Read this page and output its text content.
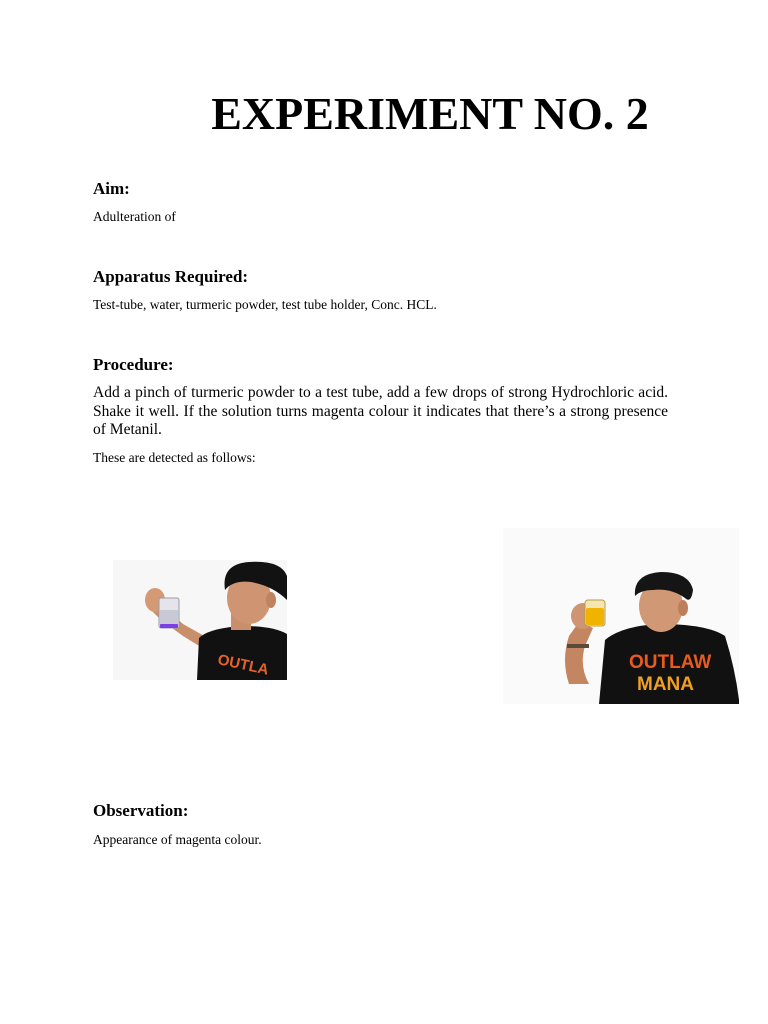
EXPERIMENT NO. 2
Aim:
Adulteration of
Apparatus Required:
Test-tube, water, turmeric powder, test tube holder, Conc. HCL.
Procedure:
Add a pinch of turmeric powder to a test tube, add a few drops of strong Hydrochloric acid. Shake it well. If the solution turns magenta colour it indicates that there’s a strong presence of Metanil.
These are detected as follows:
OUTLA	OUTLAW
MANA
Observation:
Appearance of magenta colour.
